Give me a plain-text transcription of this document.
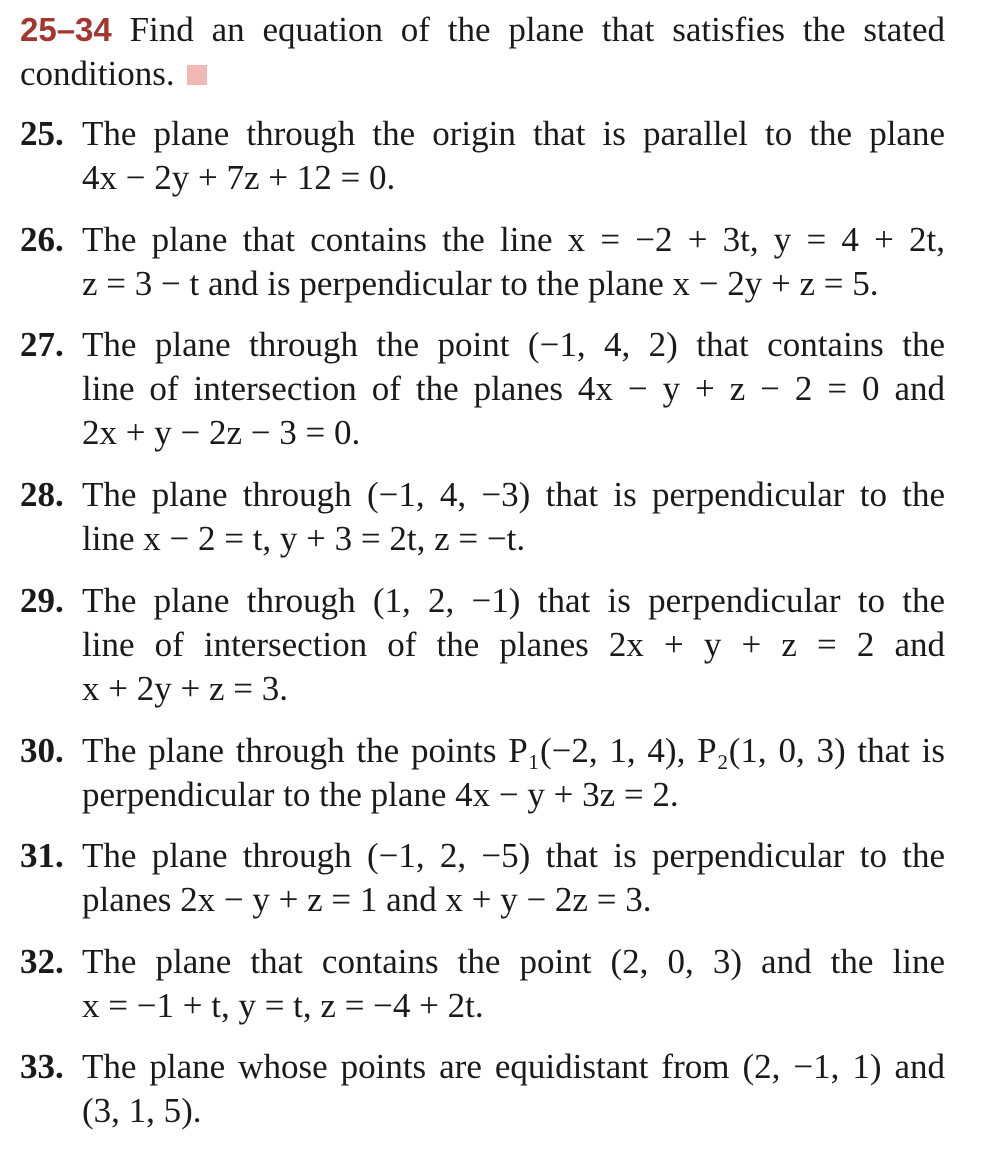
25–34 Find an equation of the plane that satisfies the stated conditions.
25. The plane through the origin that is parallel to the plane
4x − 2y + 7z + 12 = 0.
26. The plane that contains the line x = −2 + 3t, y = 4 + 2t,
z = 3 − t and is perpendicular to the plane x − 2y + z = 5.
27. The plane through the point (−1, 4, 2) that contains the
line of intersection of the planes 4x − y + z − 2 = 0 and
2x + y − 2z − 3 = 0.
28. The plane through (−1, 4, −3) that is perpendicular to the
line x − 2 = t, y + 3 = 2t, z = −t.
29. The plane through (1, 2, −1) that is perpendicular to the
line of intersection of the planes 2x + y + z = 2 and
x + 2y + z = 3.
30. The plane through the points P₁(−2, 1, 4), P₂(1, 0, 3) that is
perpendicular to the plane 4x − y + 3z = 2.
31. The plane through (−1, 2, −5) that is perpendicular to the
planes 2x − y + z = 1 and x + y − 2z = 3.
32. The plane that contains the point (2, 0, 3) and the line
x = −1 + t, y = t, z = −4 + 2t.
33. The plane whose points are equidistant from (2, −1, 1) and
(3, 1, 5).
